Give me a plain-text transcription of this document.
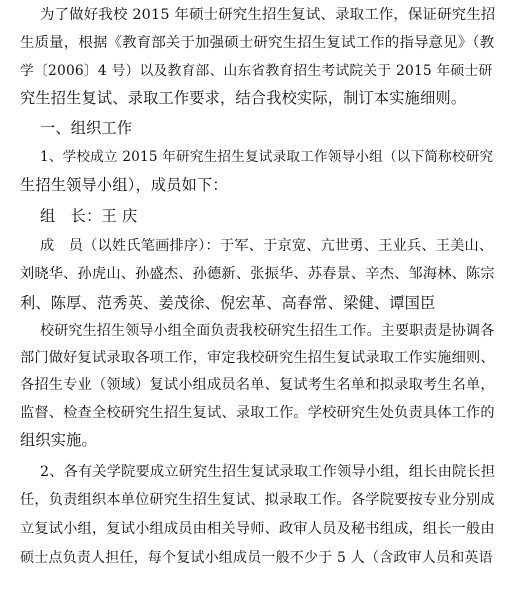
为了做好我校 2015 年硕士研究生招生复试、录取工作，保证研究生招
生质量，根据《教育部关于加强硕士研究生招生复试工作的指导意见》（教
学〔2006〕4 号）以及教育部、山东省教育招生考试院关于 2015 年硕士研
究生招生复试、录取工作要求，结合我校实际，制订本实施细则。
一、组织工作
1、学校成立 2015 年研究生招生复试录取工作领导小组（以下简称校研究
生招生领导小组），成员如下：
组　长：王 庆
成　员（以姓氏笔画排序）：于军、于京宽、亢世勇、王业兵、王美山、
刘晓华、孙虎山、孙盛杰、孙德新、张振华、苏春景、辛杰、邹海林、陈宗
利、陈厚、范秀英、姜茂徐、倪宏革、高春常、梁健、谭国臣
校研究生招生领导小组全面负责我校研究生招生工作。主要职责是协调各
部门做好复试录取各项工作，审定我校研究生招生复试录取工作实施细则、
各招生专业（领域）复试小组成员名单、复试考生名单和拟录取考生名单，
监督、检查全校研究生招生复试、录取工作。学校研究生处负责具体工作的
组织实施。
2、各有关学院要成立研究生招生复试录取工作领导小组，组长由院长担
任，负责组织本单位研究生招生复试、拟录取工作。各学院要按专业分别成
立复试小组，复试小组成员由相关导师、政审人员及秘书组成，组长一般由
硕士点负责人担任，每个复试小组成员一般不少于 5 人（含政审人员和英语
